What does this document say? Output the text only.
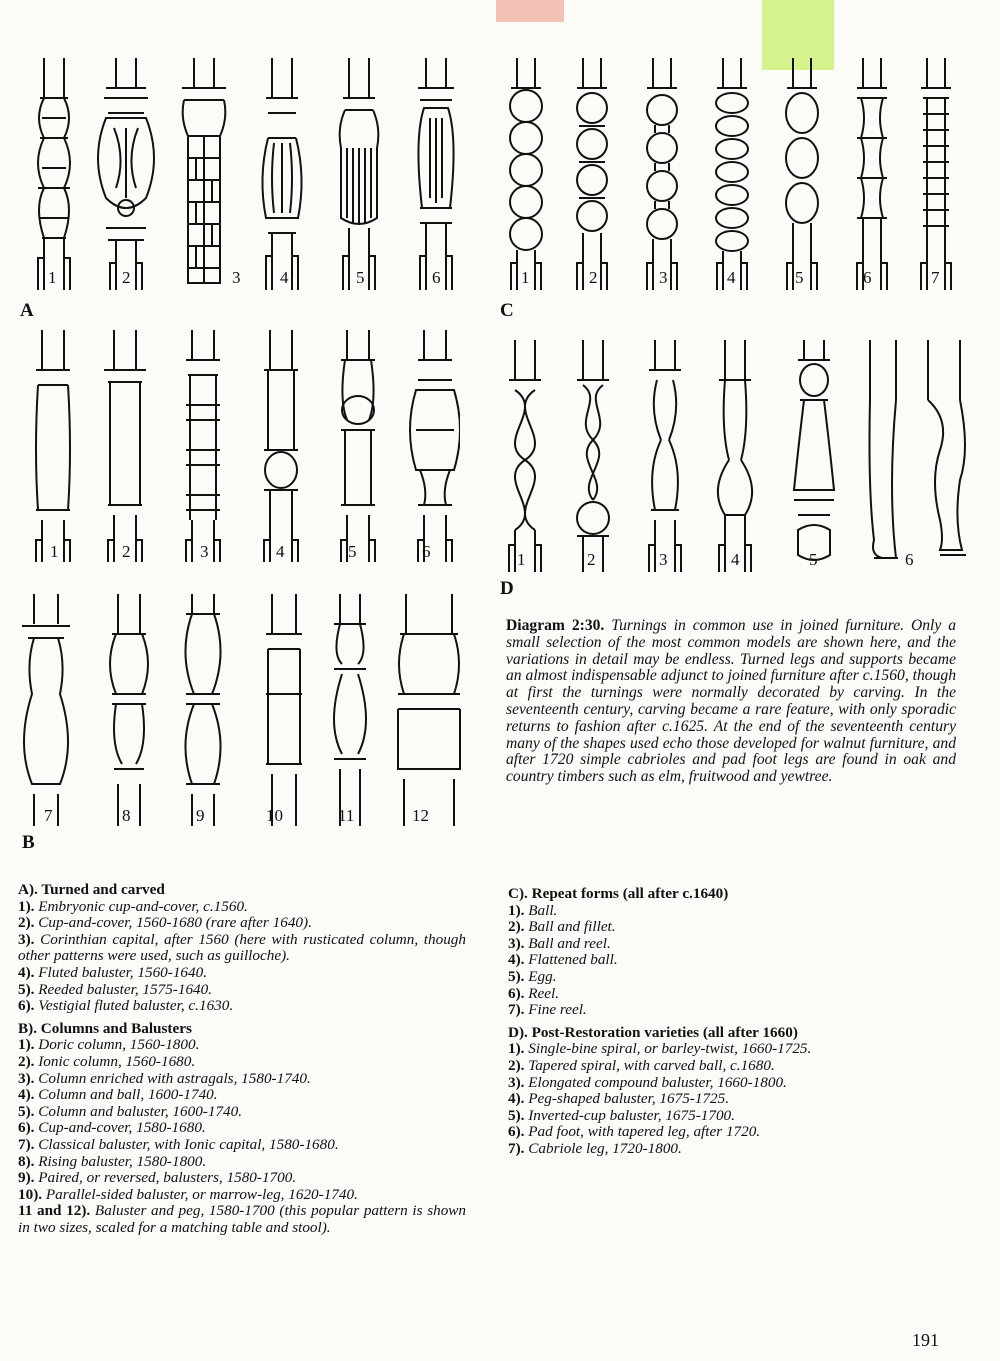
1	2	3 4	5	6
A
1	2	3	4	5	6	7
C
1	2	3	4	5	6	1	2	3	4	5	6
D
7	8	9	10	11	12
B
Diagram 2:30. Turnings in common use in joined furniture. Only a small selection of the most common models are shown here, and the variations in detail may be endless. Turned legs and supports became an almost indispensable adjunct to joined furniture after c.1560, though at first the turnings were normally decorated by carving. In the seventeenth century, carving became a rare feature, with only sporadic returns to fashion after c.1625. At the end of the seventeenth century many of the shapes used echo those developed for walnut furniture, and after 1720 simple cabrioles and pad foot legs are found in oak and country timbers such as elm, fruitwood and yewtree.
A). Turned and carved
1). Embryonic cup-and-cover, c.1560.
2). Cup-and-cover, 1560-1680 (rare after 1640).
3). Corinthian capital, after 1560 (here with rusticated column, though other patterns were used, such as guilloche).
4). Fluted baluster, 1560-1640.
5). Reeded baluster, 1575-1640.
6). Vestigial fluted baluster, c.1630.
B). Columns and Balusters
1). Doric column, 1560-1800.
2). Ionic column, 1560-1680.
3). Column enriched with astragals, 1580-1740.
4). Column and ball, 1600-1740.
5). Column and baluster, 1600-1740.
6). Cup-and-cover, 1580-1680.
7). Classical baluster, with Ionic capital, 1580-1680.
8). Rising baluster, 1580-1800.
9). Paired, or reversed, balusters, 1580-1700.
10). Parallel-sided baluster, or marrow-leg, 1620-1740.
11 and 12). Baluster and peg, 1580-1700 (this popular pattern is shown in two sizes, scaled for a matching table and stool).
C). Repeat forms (all after c.1640)
1). Ball.
2). Ball and fillet.
3). Ball and reel.
4). Flattened ball.
5). Egg.
6). Reel.
7). Fine reel.
D). Post-Restoration varieties (all after 1660)
1). Single-bine spiral, or barley-twist, 1660-1725.
2). Tapered spiral, with carved ball, c.1680.
3). Elongated compound baluster, 1660-1800.
4). Peg-shaped baluster, 1675-1725.
5). Inverted-cup baluster, 1675-1700.
6). Pad foot, with tapered leg, after 1720.
7). Cabriole leg, 1720-1800.
191
